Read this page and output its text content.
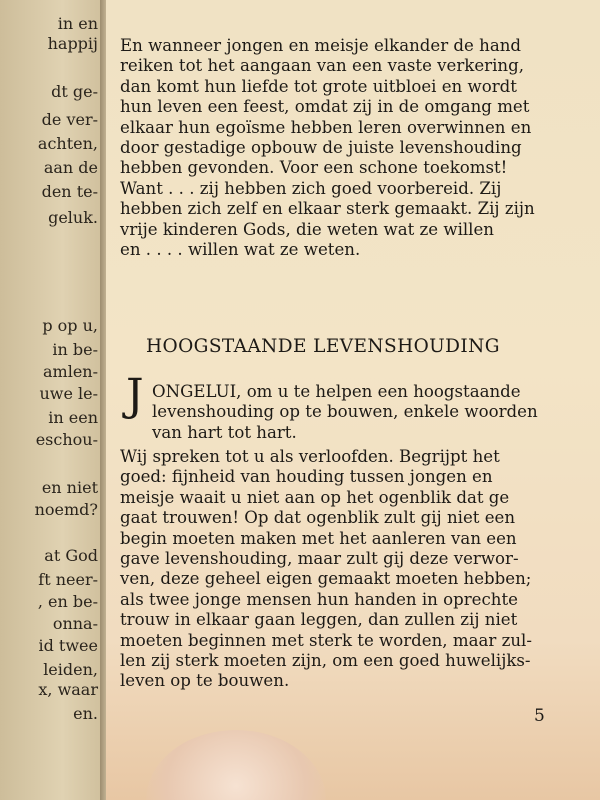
in en
happij
dt ge-
de ver-
achten,
aan de
den te-
geluk.
p op u,
in be-
amlen-
uwe le-
in een
eschou-
en niet
noemd?
at God
ft neer-
, en be-
onna-
id twee
leiden,
x, waar
en.
En wanneer jongen en meisje elkander de hand
reiken tot het aangaan van een vaste verkering,
dan komt hun liefde tot grote uitbloei en wordt
hun leven een feest, omdat zij in de omgang met
elkaar hun egoïsme hebben leren overwinnen en
door gestadige opbouw de juiste levenshouding
hebben gevonden. Voor een schone toekomst!
Want . . . zij hebben zich goed voorbereid. Zij
hebben zich zelf en elkaar sterk gemaakt. Zij zijn
vrije kinderen Gods, die weten wat ze willen
en . . . . willen wat ze weten.
HOOGSTAANDE LEVENSHOUDING
J ONGELUI, om u te helpen een hoogstaande
levenshouding op te bouwen, enkele woorden
van hart tot hart.
Wij spreken tot u als verloofden. Begrijpt het
goed: fijnheid van houding tussen jongen en
meisje waait u niet aan op het ogenblik dat ge
gaat trouwen! Op dat ogenblik zult gij niet een
begin moeten maken met het aanleren van een
gave levenshouding, maar zult gij deze verwor-
ven, deze geheel eigen gemaakt moeten hebben;
als twee jonge mensen hun handen in oprechte
trouw in elkaar gaan leggen, dan zullen zij niet
moeten beginnen met sterk te worden, maar zul-
len zij sterk moeten zijn, om een goed huwelijks-
leven op te bouwen.
5
